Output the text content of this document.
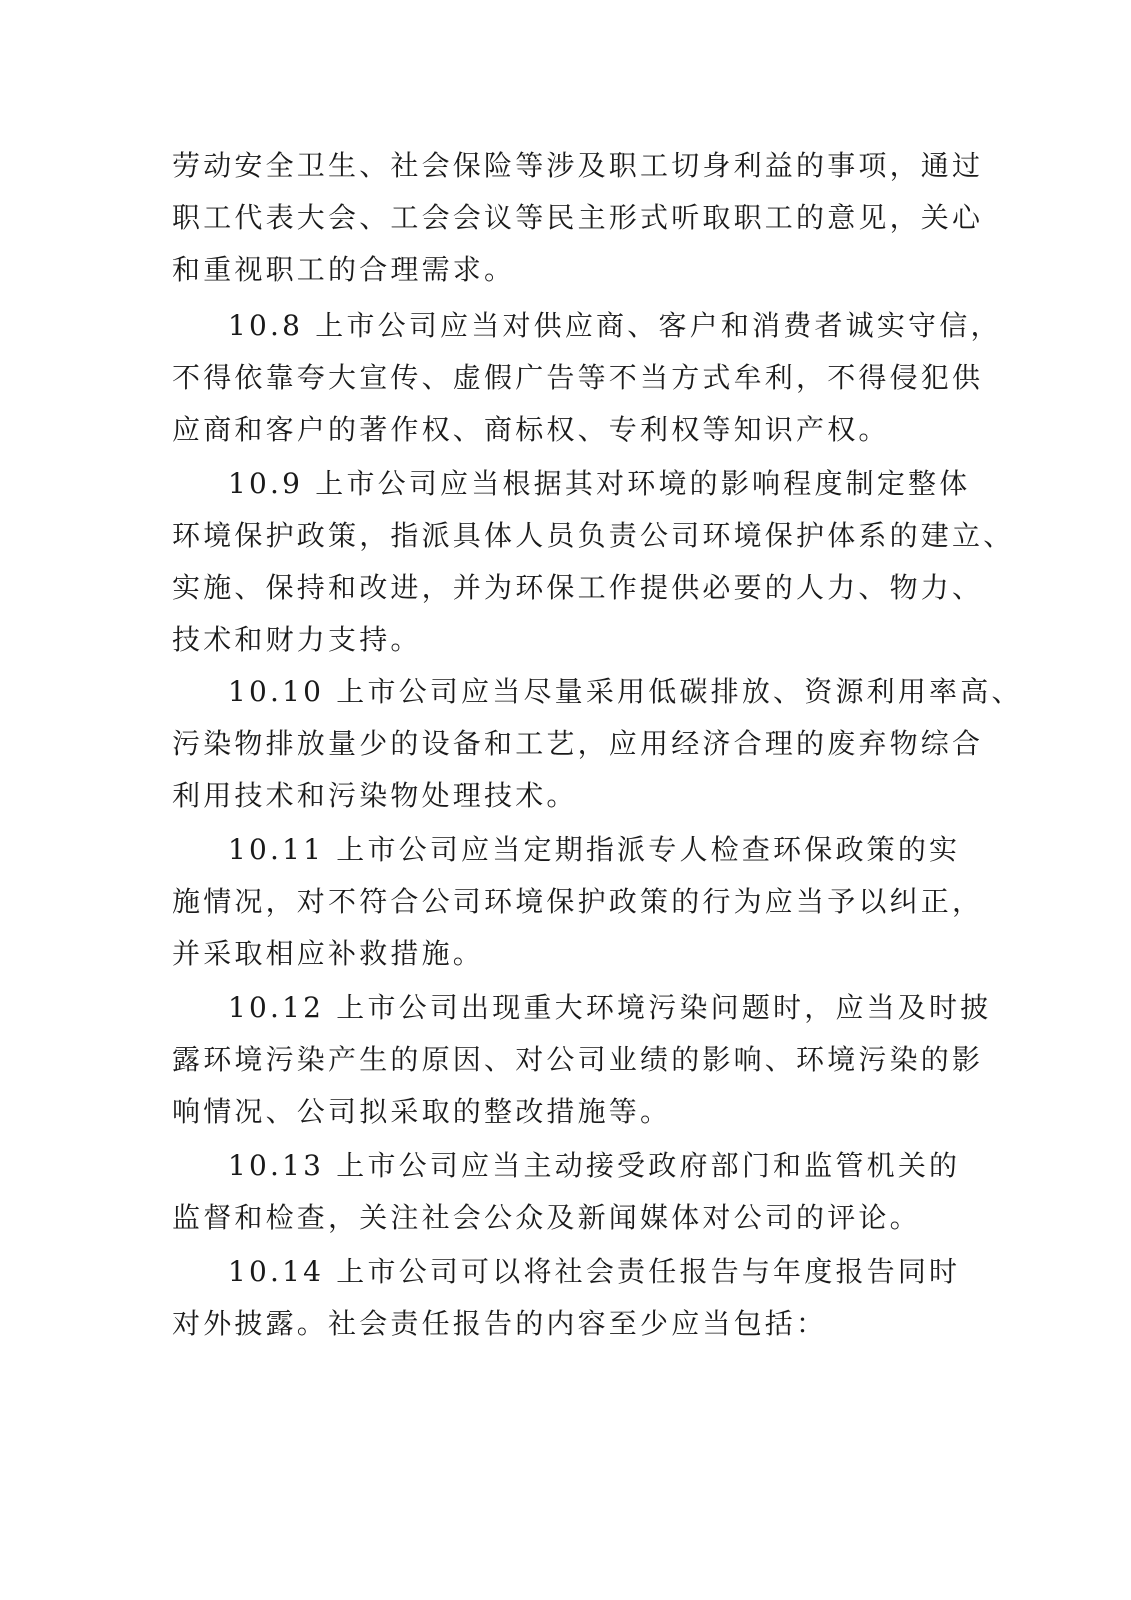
劳动安全卫生、社会保险等涉及职工切身利益的事项，通过
职工代表大会、工会会议等民主形式听取职工的意见，关心
和重视职工的合理需求。
10.8 上市公司应当对供应商、客户和消费者诚实守信，
不得依靠夸大宣传、虚假广告等不当方式牟利，不得侵犯供
应商和客户的著作权、商标权、专利权等知识产权。
10.9 上市公司应当根据其对环境的影响程度制定整体
环境保护政策，指派具体人员负责公司环境保护体系的建立、
实施、保持和改进，并为环保工作提供必要的人力、物力、
技术和财力支持。
10.10 上市公司应当尽量采用低碳排放、资源利用率高、
污染物排放量少的设备和工艺，应用经济合理的废弃物综合
利用技术和污染物处理技术。
10.11 上市公司应当定期指派专人检查环保政策的实
施情况，对不符合公司环境保护政策的行为应当予以纠正，
并采取相应补救措施。
10.12 上市公司出现重大环境污染问题时，应当及时披
露环境污染产生的原因、对公司业绩的影响、环境污染的影
响情况、公司拟采取的整改措施等。
10.13 上市公司应当主动接受政府部门和监管机关的
监督和检查，关注社会公众及新闻媒体对公司的评论。
10.14 上市公司可以将社会责任报告与年度报告同时
对外披露。社会责任报告的内容至少应当包括：
